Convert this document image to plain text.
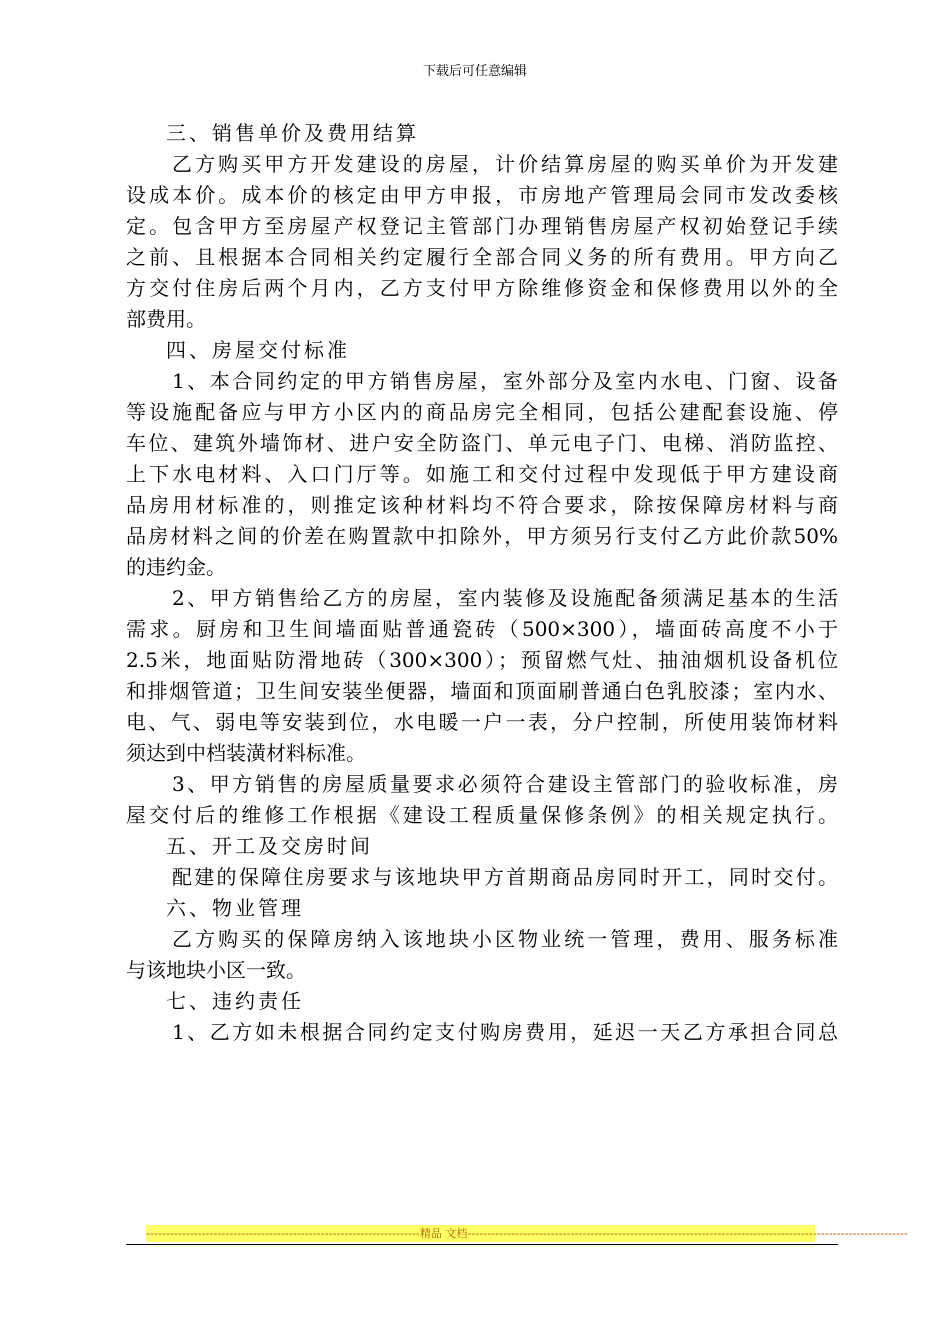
下载后可任意编辑
三、销售单价及费用结算
乙方购买甲方开发建设的房屋，计价结算房屋的购买单价为开发建
设成本价。成本价的核定由甲方申报，市房地产管理局会同市发改委核
定。包含甲方至房屋产权登记主管部门办理销售房屋产权初始登记手续
之前、且根据本合同相关约定履行全部合同义务的所有费用。甲方向乙
方交付住房后两个月内，乙方支付甲方除维修资金和保修费用以外的全
部费用。
四、房屋交付标准
1、本合同约定的甲方销售房屋，室外部分及室内水电、门窗、设备
等设施配备应与甲方小区内的商品房完全相同，包括公建配套设施、停
车位、建筑外墙饰材、进户安全防盗门、单元电子门、电梯、消防监控、
上下水电材料、入口门厅等。如施工和交付过程中发现低于甲方建设商
品房用材标准的，则推定该种材料均不符合要求，除按保障房材料与商
品房材料之间的价差在购置款中扣除外，甲方须另行支付乙方此价款50%
的违约金。
2、甲方销售给乙方的房屋，室内装修及设施配备须满足基本的生活
需求。厨房和卫生间墙面贴普通瓷砖（500×300），墙面砖高度不小于
2.5米，地面贴防滑地砖（300×300）；预留燃气灶、抽油烟机设备机位
和排烟管道；卫生间安装坐便器，墙面和顶面刷普通白色乳胶漆；室内水、
电、气、弱电等安装到位，水电暖一户一表，分户控制，所使用装饰材料
须达到中档装潢材料标准。
3、甲方销售的房屋质量要求必须符合建设主管部门的验收标准，房
屋交付后的维修工作根据《建设工程质量保修条例》的相关规定执行。
五、开工及交房时间
配建的保障住房要求与该地块甲方首期商品房同时开工，同时交付。
六、物业管理
乙方购买的保障房纳入该地块小区物业统一管理，费用、服务标准
与该地块小区一致。
七、违约责任
1、乙方如未根据合同约定支付购房费用，延迟一天乙方承担合同总
---------------------------------------------------------------------精品 文档---------------------------------------------------------------------------------------------------------------
